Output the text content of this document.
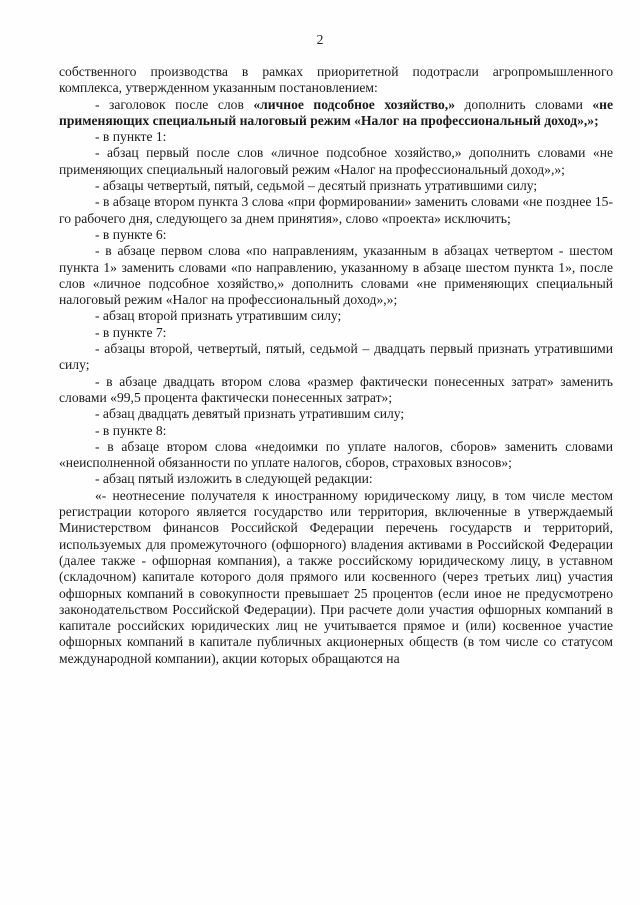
2

собственного производства в рамках приоритетной подотрасли агропромышленного комплекса, утвержденном указанным постановлением:

- заголовок после слов «личное подсобное хозяйство,» дополнить словами «не применяющих специальный налоговый режим «Налог на профессиональный доход»,»;

- в пункте 1:

- абзац первый после слов «личное подсобное хозяйство,» дополнить словами «не применяющих специальный налоговый режим «Налог на профессиональный доход»,»;

- абзацы четвертый, пятый, седьмой – десятый признать утратившими силу;

- в абзаце втором пункта 3 слова «при формировании» заменить словами «не позднее 15-го рабочего дня, следующего за днем принятия», слово «проекта» исключить;

- в пункте 6:

- в абзаце первом слова «по направлениям, указанным в абзацах четвертом - шестом пункта 1» заменить словами «по направлению, указанному в абзаце шестом пункта 1», после слов «личное подсобное хозяйство,» дополнить словами «не применяющих специальный налоговый режим «Налог на профессиональный доход»,»;

- абзац второй признать утратившим силу;

- в пункте 7:

- абзацы второй, четвертый, пятый, седьмой – двадцать первый признать утратившими силу;

- в абзаце двадцать втором слова «размер фактически понесенных затрат» заменить словами «99,5 процента фактически понесенных затрат»;

- абзац двадцать девятый признать утратившим силу;

- в пункте 8:

- в абзаце втором слова «недоимки по уплате налогов, сборов» заменить словами «неисполненной обязанности по уплате налогов, сборов, страховых взносов»;

- абзац пятый изложить в следующей редакции:

«- неотнесение получателя к иностранному юридическому лицу, в том числе местом регистрации которого является государство или территория, включенные в утверждаемый Министерством финансов Российской Федерации перечень государств и территорий, используемых для промежуточного (офшорного) владения активами в Российской Федерации (далее также - офшорная компания), а также российскому юридическому лицу, в уставном (складочном) капитале которого доля прямого или косвенного (через третьих лиц) участия офшорных компаний в совокупности превышает 25 процентов (если иное не предусмотрено законодательством Российской Федерации). При расчете доли участия офшорных компаний в капитале российских юридических лиц не учитывается прямое и (или) косвенное участие офшорных компаний в капитале публичных акционерных обществ (в том числе со статусом международной компании), акции которых обращаются на
